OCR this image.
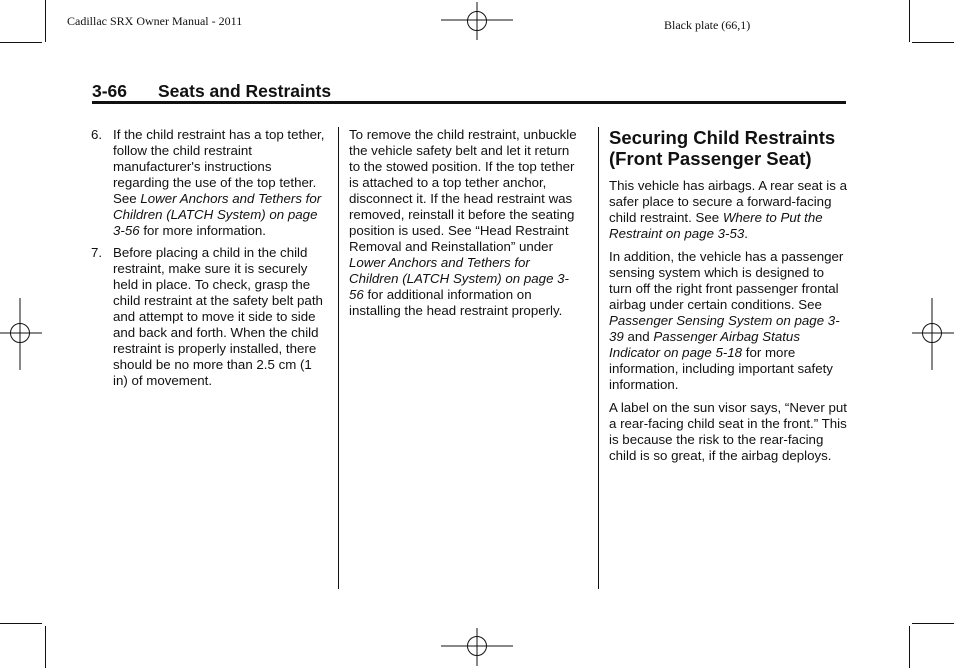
Cadillac SRX Owner Manual - 2011	Black plate (66,1)
3-66 Seats and Restraints
6. If the child restraint has a top tether, follow the child restraint manufacturer's instructions regarding the use of the top tether. See Lower Anchors and Tethers for Children (LATCH System) on page 3-56 for more information.
7. Before placing a child in the child restraint, make sure it is securely held in place. To check, grasp the child restraint at the safety belt path and attempt to move it side to side and back and forth. When the child restraint is properly installed, there should be no more than 2.5 cm (1 in) of movement.

To remove the child restraint, unbuckle the vehicle safety belt and let it return to the stowed position. If the top tether is attached to a top tether anchor, disconnect it. If the head restraint was removed, reinstall it before the seating position is used. See “Head Restraint Removal and Reinstallation” under Lower Anchors and Tethers for Children (LATCH System) on page 3-56 for additional information on installing the head restraint properly.

Securing Child Restraints (Front Passenger Seat)

This vehicle has airbags. A rear seat is a safer place to secure a forward-facing child restraint. See Where to Put the Restraint on page 3-53.

In addition, the vehicle has a passenger sensing system which is designed to turn off the right front passenger frontal airbag under certain conditions. See Passenger Sensing System on page 3-39 and Passenger Airbag Status Indicator on page 5-18 for more information, including important safety information.

A label on the sun visor says, “Never put a rear-facing child seat in the front.” This is because the risk to the rear-facing child is so great, if the airbag deploys.
